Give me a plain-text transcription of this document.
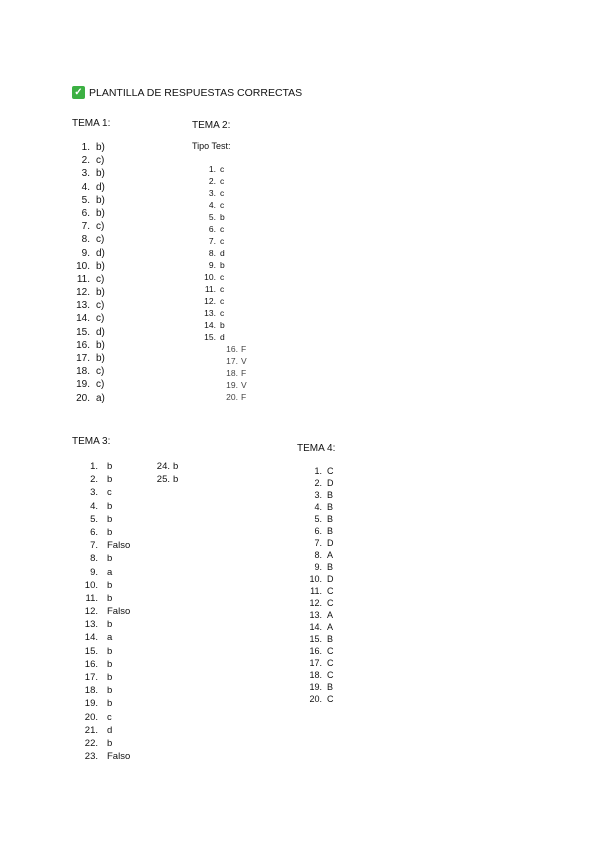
✓ PLANTILLA DE RESPUESTAS CORRECTAS
TEMA 1:
1. b)
2. c)
3. b)
4. d)
5. b)
6. b)
7. c)
8. c)
9. d)
10. b)
11. c)
12. b)
13. c)
14. c)
15. d)
16. b)
17. b)
18. c)
19. c)
20. a)
TEMA 2:
Tipo Test:
1. c
2. c
3. c
4. c
5. b
6. c
7. c
8. d
9. b
10. c
11. c
12. c
13. c
14. b
15. d
16. F
17. V
18. F
19. V
20. F
TEMA 3:
1. b
2. b
3. c
4. b
5. b
6. b
7. Falso
8. b
9. a
10. b
11. b
12. Falso
13. b
14. a
15. b
16. b
17. b
18. b
19. b
20. c
21. d
22. b
23. Falso
24. b
25. b
TEMA 4:
1. C
2. D
3. B
4. B
5. B
6. B
7. D
8. A
9. B
10. D
11. C
12. C
13. A
14. A
15. B
16. C
17. C
18. C
19. B
20. C
